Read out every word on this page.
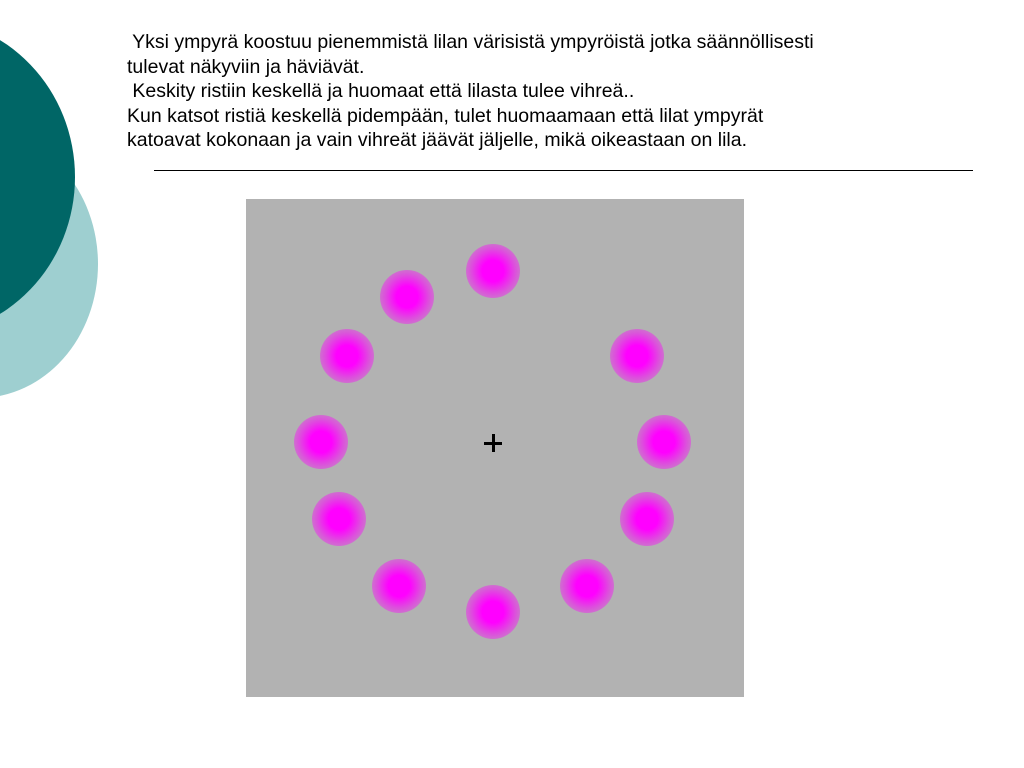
Yksi ympyrä koostuu pienemmistä lilan värisistä ympyröistä jotka säännöllisesti
tulevat näkyviin ja häviävät.
Keskity ristiin keskellä ja huomaat että lilasta tulee vihreä..
Kun katsot ristiä keskellä pidempään, tulet huomaamaan että lilat ympyrät
katoavat kokonaan ja vain vihreät jäävät jäljelle, mikä oikeastaan on lila.
